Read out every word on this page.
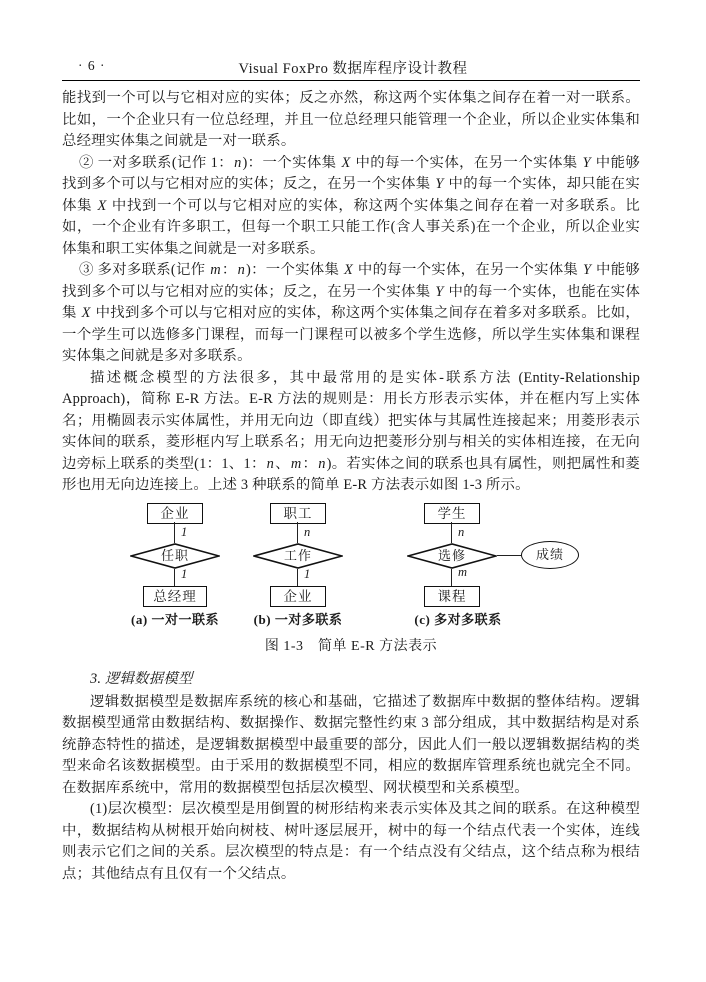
· 6 ·	Visual FoxPro 数据库程序设计教程

能找到一个可以与它相对应的实体；反之亦然，称这两个实体集之间存在着一对一联系。比如，一个企业只有一位总经理，并且一位总经理只能管理一个企业，所以企业实体集和总经理实体集之间就是一对一联系。

② 一对多联系(记作 1：n)：一个实体集 X 中的每一个实体，在另一个实体集 Y 中能够找到多个可以与它相对应的实体；反之，在另一个实体集 Y 中的每一个实体，却只能在实体集 X 中找到一个可以与它相对应的实体，称这两个实体集之间存在着一对多联系。比如，一个企业有许多职工，但每一个职工只能工作(含人事关系)在一个企业，所以企业实体集和职工实体集之间就是一对多联系。

③ 多对多联系(记作 m：n)：一个实体集 X 中的每一个实体，在另一个实体集 Y 中能够找到多个可以与它相对应的实体；反之，在另一个实体集 Y 中的每一个实体，也能在实体集 X 中找到多个可以与它相对应的实体，称这两个实体集之间存在着多对多联系。比如，一个学生可以选修多门课程，而每一门课程可以被多个学生选修，所以学生实体集和课程实体集之间就是多对多联系。

描述概念模型的方法很多，其中最常用的是实体-联系方法 (Entity-Relationship Approach)，简称 E-R 方法。E-R 方法的规则是：用长方形表示实体，并在框内写上实体名；用椭圆表示实体属性，并用无向边（即直线）把实体与其属性连接起来；用菱形表示实体间的联系，菱形框内写上联系名；用无向边把菱形分别与相关的实体相连接，在无向边旁标上联系的类型(1：1、1：n、m：n)。若实体之间的联系也具有属性，则把属性和菱形也用无向边连接上。上述 3 种联系的简单 E-R 方法表示如图 1-3 所示。

企业
1
任职
1
总经理
(a) 一对一联系
职工
n
工作
1
企业
(b) 一对多联系
学生
n
选修
m
课程
成绩
(c) 多对多联系
图 1-3　简单 E-R 方法表示

3. 逻辑数据模型

逻辑数据模型是数据库系统的核心和基础，它描述了数据库中数据的整体结构。逻辑数据模型通常由数据结构、数据操作、数据完整性约束 3 部分组成，其中数据结构是对系统静态特性的描述，是逻辑数据模型中最重要的部分，因此人们一般以逻辑数据结构的类型来命名该数据模型。由于采用的数据模型不同，相应的数据库管理系统也就完全不同。在数据库系统中，常用的数据模型包括层次模型、网状模型和关系模型。

(1)层次模型：层次模型是用倒置的树形结构来表示实体及其之间的联系。在这种模型中，数据结构从树根开始向树枝、树叶逐层展开，树中的每一个结点代表一个实体，连线则表示它们之间的关系。层次模型的特点是：有一个结点没有父结点，这个结点称为根结点；其他结点有且仅有一个父结点。
